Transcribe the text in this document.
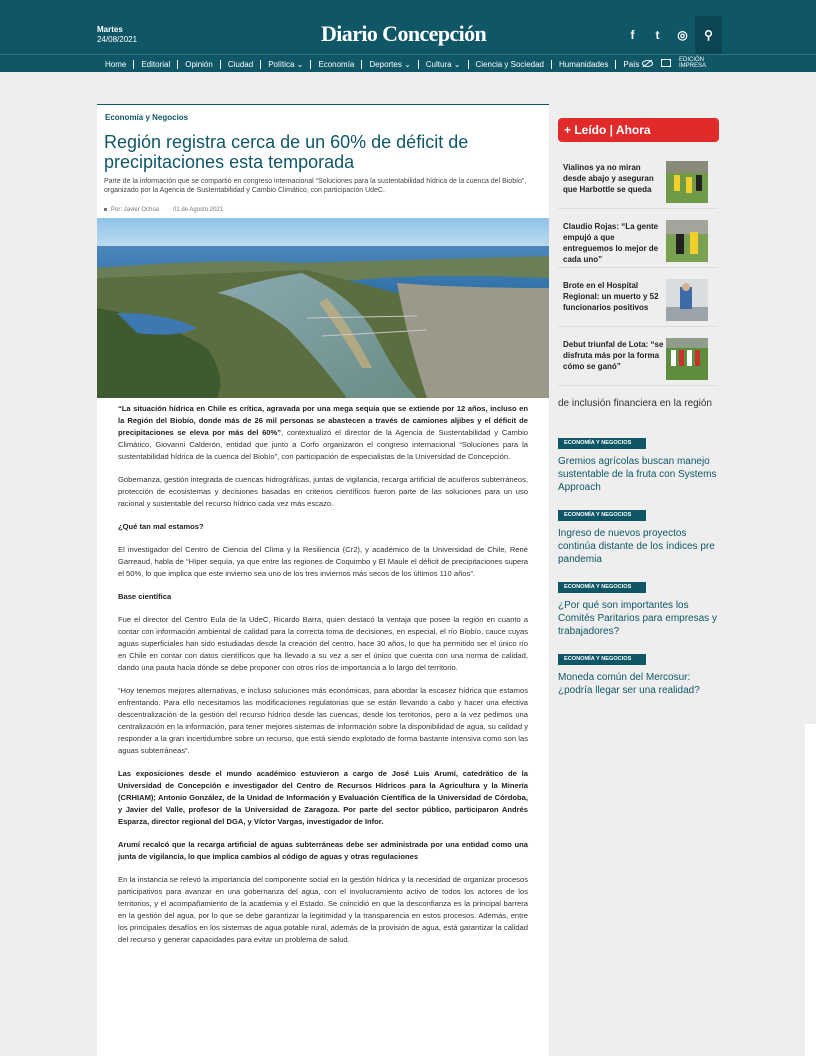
Martes
24/08/2021	Diario Concepción	f	t	◎	⚲
Home	Editorial	Opinión	Ciudad	Política ⌄	Economía	Deportes ⌄	Cultura ⌄	Ciencia y Sociedad	Humanidades	País	EDICIÓN IMPRESA
Economía y Negocios
Región registra cerca de un 60% de déficit de precipitaciones esta temporada

Parte de la información que se compartió en congreso internacional “Soluciones para la sustentabilidad hídrica de la cuenca del Biobío”, organizado por la Agencia de Sustentabilidad y Cambio Climático, con participación UdeC.

Por: Javier Ochoa 01 de Agosto 2021

“La situación hídrica en Chile es crítica, agravada por una mega sequía que se extiende por 12 años, incluso en la Región del Biobío, donde más de 26 mil personas se abastecen a través de camiones aljibes y el déficit de precipitaciones se eleva por más del 60%”, contextualizó el director de la Agencia de Sustentabilidad y Cambio Climático, Giovanni Calderón, entidad que junto a Corfo organizaron el congreso internacional “Soluciones para la sustentabilidad hídrica de la cuenca del Biobío”, con participación de especialistas de la Universidad de Concepción.

Gobernanza, gestión integrada de cuencas hidrográficas, juntas de vigilancia, recarga artificial de acuíferos subterráneos, protección de ecosistemas y decisiones basadas en criterios científicos fueron parte de las soluciones para un uso racional y sustentable del recurso hídrico cada vez más escazo.

¿Qué tan mal estamos?

El investigador del Centro de Ciencia del Clima y la Resiliencia (Cr2), y académico de la Universidad de Chile, René Garreaud, habla de “Híper sequía, ya que entre las regiones de Coquimbo y El Maule el déficit de precipitaciones supera el 50%, lo que implica que este invierno sea uno de los tres inviernos más secos de los últimos 110 años”.

Base científica

Fue el director del Centro Eula de la UdeC, Ricardo Barra, quien destacó la ventaja que posee la región en cuanto a contar con información ambiental de calidad para la correcta toma de decisiones, en especial, el río Biobío, cauce cuyas aguas superficiales han sido estudiadas desde la creación del centro, hace 30 años, lo que ha permitido ser el único río en Chile en contar con datos científicos que ha llevado a su vez a ser el único que cuenta con una norma de calidad, dando una pauta hacia dónde se debe proponer con otros ríos de importancia a lo largo del territorio.

“Hoy tenemos mejores alternativas, e incluso soluciones más económicas, para abordar la escasez hídrica que estamos enfrentando. Para ello necesitamos las modificaciones regulatorias que se están llevando a cabo y hacer una efectiva descentralización de la gestión del recurso hídrico desde las cuencas, desde los territorios, pero a la vez pedimos una centralización en la información, para tener mejores sistemas de información sobre la disponibilidad de agua, su calidad y responder a la gran incertidumbre sobre un recurso, que está siendo explotado de forma bastante intensiva como son las aguas subterráneas”.

Las exposiciones desde el mundo académico estuvieron a cargo de José Luis Arumí, catedrático de la Universidad de Concepción e investigador del Centro de Recursos Hídricos para la Agricultura y la Minería (CRHIAM); Antonio González, de la Unidad de Información y Evaluación Científica de la Universidad de Córdoba, y Javier del Valle, profesor de la Universidad de Zaragoza. Por parte del sector público, participaron Andrés Esparza, director regional del DGA, y Víctor Vargas, investigador de Infor.

Arumí recalcó que la recarga artificial de aguas subterráneas debe ser administrada por una entidad como una junta de vigilancia, lo que implica cambios al código de aguas y otras regulaciones

En la instancia se relevó la importancia del componente social en la gestión hídrica y la necesidad de organizar procesos participativos para avanzar en una gobernanza del agua, con el involucramiento activo de todos los actores de los territorios, y el acompañamiento de la academia y el Estado. Se coincidió en que la desconfianza es la principal barrera en la gestión del agua, por lo que se debe garantizar la legitimidad y la transparencia en estos procesos. Además, entre los principales desafíos en los sistemas de agua potable rural, además de la provisión de agua, está garantizar la calidad del recurso y generar capacidades para evitar un problema de salud.

+ Leído | Ahora
Vialinos ya no miran desde abajo y aseguran que Harbottle se queda
Claudio Rojas: “La gente empujó a que entreguemos lo mejor de cada uno”
Brote en el Hospital Regional: un muerto y 52 funcionarios positivos
Debut triunfal de Lota: “se disfruta más por la forma cómo se ganó”
de inclusión financiera en la región
ECONOMÍA Y NEGOCIOS
Gremios agrícolas buscan manejo sustentable de la fruta con Systems Approach
ECONOMÍA Y NEGOCIOS
Ingreso de nuevos proyectos continúa distante de los índices pre pandemia
ECONOMÍA Y NEGOCIOS
¿Por qué son importantes los Comités Paritarios para empresas y trabajadores?
ECONOMÍA Y NEGOCIOS
Moneda común del Mercosur: ¿podría llegar ser una realidad?
